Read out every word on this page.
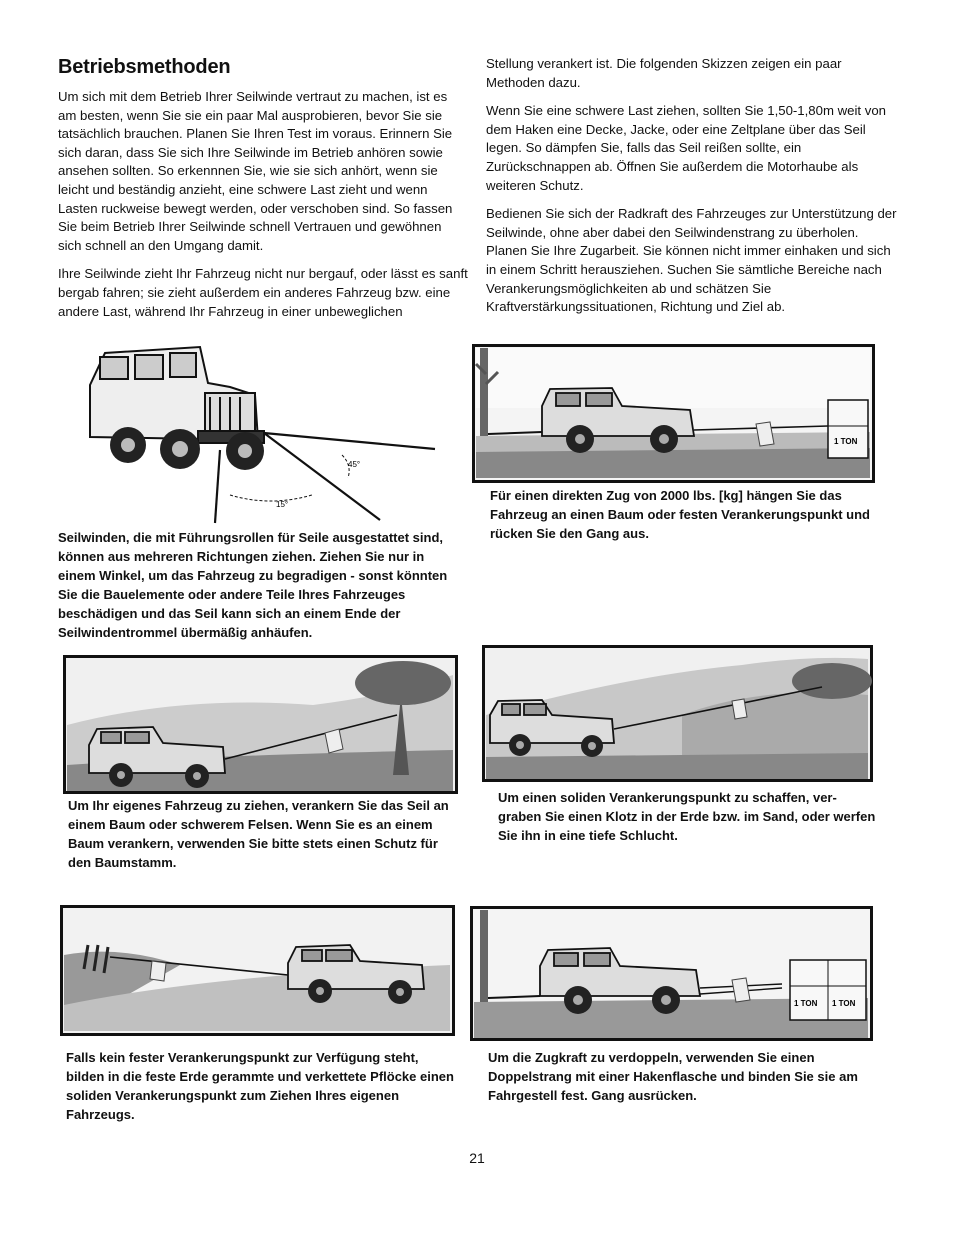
Betriebsmethoden

Um sich mit dem Betrieb Ihrer Seilwinde vertraut zu machen, ist es am besten, wenn Sie sie ein paar Mal ausprobieren, bevor Sie sie tatsächlich brauchen. Planen Sie Ihren Test im voraus. Erinnern Sie sich daran, dass Sie sich Ihre Seilwinde im Betrieb anhören sowie ansehen sollten. So erkennnen Sie, wie sie sich anhört, wenn sie leicht und beständig anzieht, eine schwere Last zieht und wenn Lasten ruckweise bewegt werden, oder verschoben sind. So fassen Sie beim Betrieb Ihrer Seilwinde schnell Vertrauen und gewöhnen sich schnell an den Umgang damit.

Ihre Seilwinde zieht Ihr Fahrzeug nicht nur bergauf, oder lässt es sanft bergab fahren; sie zieht außerdem ein anderes Fahrzeug bzw. eine andere Last, während Ihr Fahrzeug in einer unbeweglichen

Stellung verankert ist. Die folgenden Skizzen zeigen ein paar Methoden dazu.

Wenn Sie eine schwere Last ziehen, sollten Sie 1,50-1,80m weit von dem Haken eine Decke, Jacke, oder eine Zeltplane über das Seil legen. So dämpfen Sie, falls das Seil reißen sollte, ein Zurückschnappen ab. Öffnen Sie außerdem die Motorhaube als weiteren Schutz.

Bedienen Sie sich der Radkraft des Fahrzeuges zur Unterstützung der Seilwinde, ohne aber dabei den Seilwindenstrang zu überholen. Planen Sie Ihre Zugarbeit. Sie können nicht immer einhaken und sich in einem Schritt herausziehen. Suchen Sie sämtliche Bereiche nach Verankerungsmöglichkeiten ab und schätzen Sie Kraftverstärkungssituationen, Richtung und Ziel ab.

45°
15°

Seilwinden, die mit Führungsrollen für Seile ausgestattet sind, können aus mehreren Richtungen ziehen. Ziehen Sie nur in einem Winkel, um das Fahrzeug zu begradigen - sonst könnten Sie die Bauelemente oder andere Teile Ihres Fahrzeuges beschädigen und das Seil kann sich an einem Ende der Seilwindentrommel übermäßig anhäufen.

1 TON

Für einen direkten Zug von 2000 lbs. [kg] hängen Sie das Fahrzeug an einen Baum oder festen Verankerungspunkt und rücken Sie den Gang aus.

Um Ihr eigenes Fahrzeug zu ziehen, verankern Sie das Seil an einem Baum oder schwerem Felsen. Wenn Sie es an einem Baum verankern, verwenden Sie bitte stets einen Schutz für den Baumstamm.

Um einen soliden Verankerungspunkt zu schaffen, ver-graben Sie einen Klotz in der Erde bzw. im Sand, oder werfen Sie ihn in eine tiefe Schlucht.

Falls kein fester Verankerungspunkt zur Verfügung steht, bilden in die feste Erde gerammte und verkettete Pflöcke einen soliden Verankerungspunkt zum Ziehen Ihres eigenen Fahrzeugs.

1 TON 1 TON

Um die Zugkraft zu verdoppeln, verwenden Sie einen Doppelstrang mit einer Hakenflasche und binden Sie sie am Fahrgestell fest. Gang ausrücken.

21
